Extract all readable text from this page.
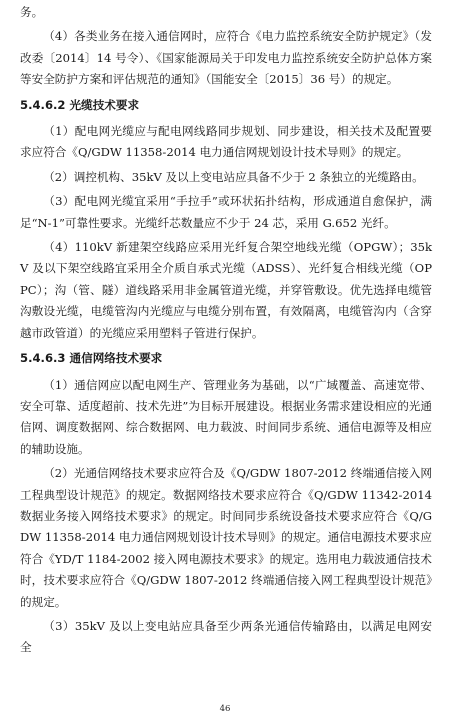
务。

（4）各类业务在接入通信网时，应符合《电力监控系统安全防护规定》（发改委〔2014〕14 号令）、《国家能源局关于印发电力监控系统安全防护总体方案等安全防护方案和评估规范的通知》（国能安全〔2015〕36 号）的规定。

5.4.6.2 光缆技术要求

（1）配电网光缆应与配电网线路同步规划、同步建设，相关技术及配置要求应符合《Q/GDW 11358-2014 电力通信网规划设计技术导则》的规定。

（2）调控机构、35kV 及以上变电站应具备不少于 2 条独立的光缆路由。

（3）配电网光缆宜采用“手拉手”或环状拓扑结构，形成通道自愈保护，满足“N-1”可靠性要求。光缆纤芯数量应不少于 24 芯，采用 G.652 光纤。

（4）110kV 新建架空线路应采用光纤复合架空地线光缆（OPGW）；35kV 及以下架空线路宜采用全介质自承式光缆（ADSS）、光纤复合相线光缆（OPPC）；沟（管、隧）道线路采用非金属管道光缆，并穿管敷设。优先选择电缆管沟敷设光缆，电缆管沟内光缆应与电缆分别布置，有效隔离，电缆管沟内（含穿越市政管道）的光缆应采用塑料子管进行保护。

5.4.6.3 通信网络技术要求

（1）通信网应以配电网生产、管理业务为基础，以“广域覆盖、高速宽带、安全可靠、适度超前、技术先进”为目标开展建设。根据业务需求建设相应的光通信网、调度数据网、综合数据网、电力载波、时间同步系统、通信电源等及相应的辅助设施。

（2）光通信网络技术要求应符合及《Q/GDW 1807-2012 终端通信接入网工程典型设计规范》的规定。数据网络技术要求应符合《Q/GDW 11342-2014 数据业务接入网络技术要求》的规定。时间同步系统设备技术要求应符合《Q/GDW 11358-2014 电力通信网规划设计技术导则》的规定。通信电源技术要求应符合《YD/T 1184-2002 接入网电源技术要求》的规定。选用电力载波通信技术时，技术要求应符合《Q/GDW 1807-2012 终端通信接入网工程典型设计规范》的规定。

（3）35kV 及以上变电站应具备至少两条光通信传输路由，以满足电网安全

46
